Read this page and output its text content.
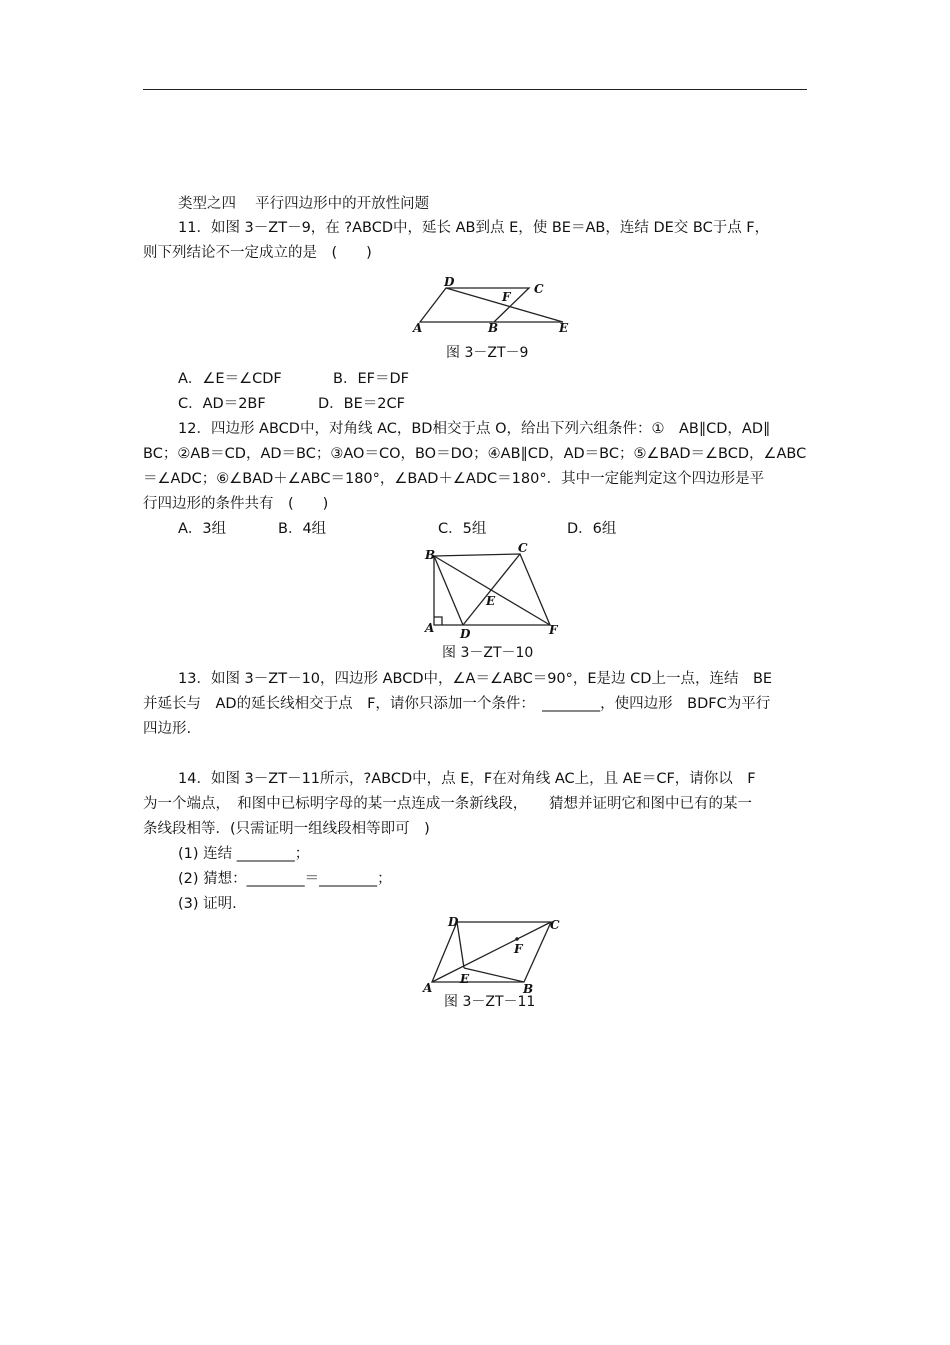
类型之四　 平行四边形中的开放性问题
11．如图 3－ZT－9，在 ?ABCD中，延长 AB到点 E，使 BE＝AB，连结 DE交 BC于点 F，
则下列结论不一定成立的是　(　　)
D	C
F
A	B	E
图 3－ZT－9
A．∠E＝∠CDF	B．EF＝DF
C．AD＝2BF	D．BE＝2CF
12．四边形 ABCD中，对角线 AC，BD相交于点 O，给出下列六组条件：①　AB∥CD，AD∥
BC；②AB＝CD，AD＝BC；③AO＝CO，BO＝DO；④AB∥CD，AD＝BC；⑤∠BAD＝∠BCD，∠ABC
＝∠ADC；⑥∠BAD＋∠ABC＝180°，∠BAD＋∠ADC＝180°．其中一定能判定这个四边形是平
行四边形的条件共有　(　　)
A．3组	B．4组	C．5组	D．6组
B	C
E
A D	F
图 3－ZT－10
13．如图 3－ZT－10，四边形 ABCD中，∠A＝∠ABC＝90°，E是边 CD上一点，连结　BE
并延长与　AD的延长线相交于点　F，请你只添加一个条件：　________，使四边形　BDFC为平行
四边形.
14．如图 3－ZT－11所示，?ABCD中，点 E，F在对角线 AC上，且 AE＝CF，请你以　F
为一个端点，　和图中已标明字母的某一点连成一条新线段，　　猜想并证明它和图中已有的某一
条线段相等．(只需证明一组线段相等即可　)
(1) 连结 ________；
(2) 猜想：________＝________；
(3) 证明.
D	C
F
E
A	B
图 3－ZT－11
